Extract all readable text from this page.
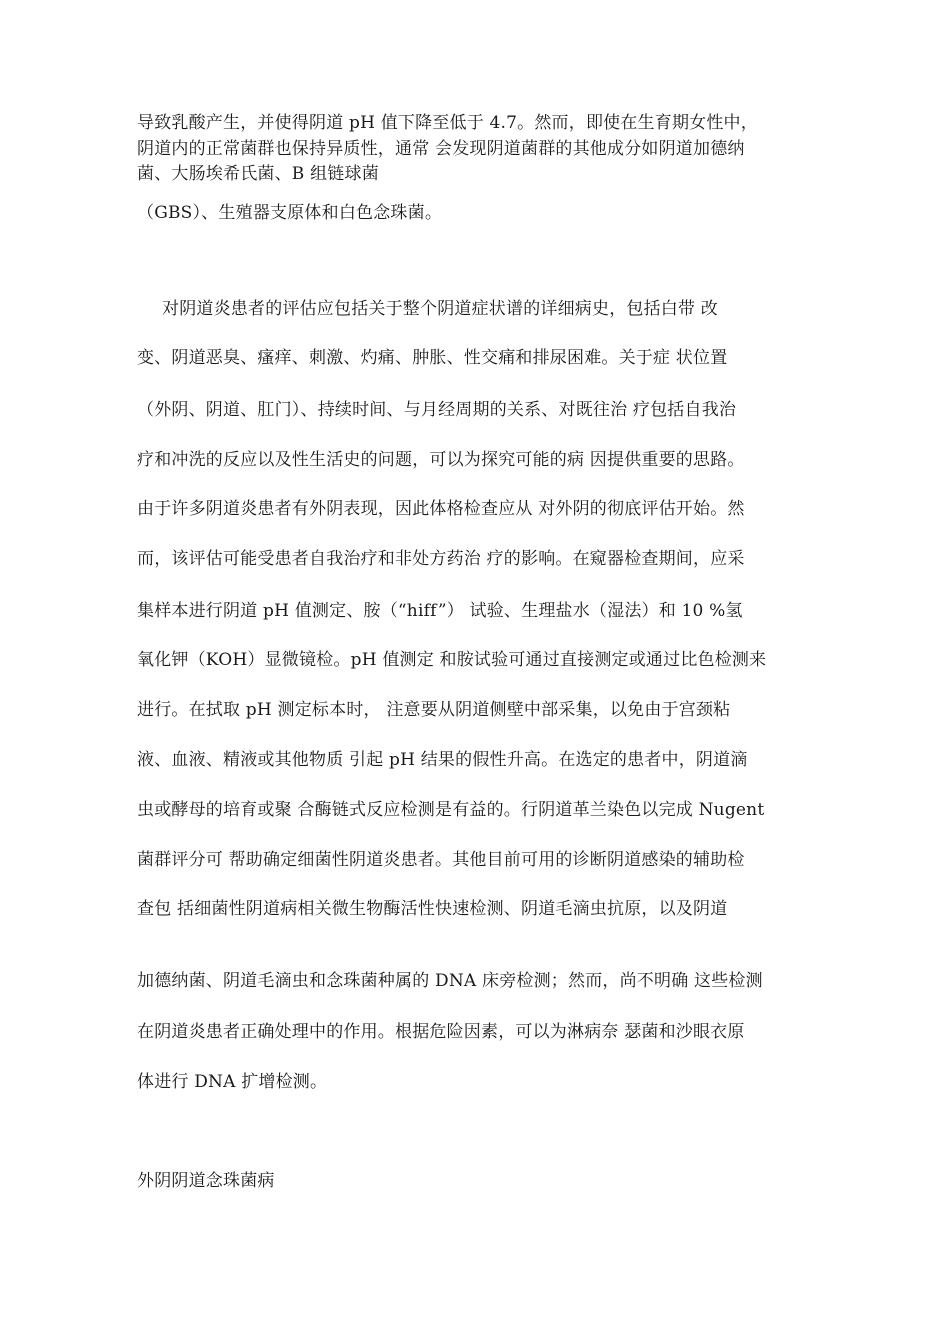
导致乳酸产生，并使得阴道 pH 值下降至低于 4.7。然而，即使在生育期女性中，
阴道内的正常菌群也保持异质性，通常 会发现阴道菌群的其他成分如阴道加德纳
菌、大肠埃希氏菌、B 组链球菌
（GBS）、生殖器支原体和白色念珠菌。
对阴道炎患者的评估应包括关于整个阴道症状谱的详细病史，包括白带 改
变、阴道恶臭、瘙痒、刺激、灼痛、肿胀、性交痛和排尿困难。关于症 状位置
（外阴、阴道、肛门）、持续时间、与月经周期的关系、对既往治 疗包括自我治
疗和冲洗的反应以及性生活史的问题，可以为探究可能的病 因提供重要的思路。
由于许多阴道炎患者有外阴表现，因此体格检查应从 对外阴的彻底评估开始。然
而，该评估可能受患者自我治疗和非处方药治 疗的影响。在窥器检查期间，应采
集样本进行阴道 pH 值测定、胺（“hiff”） 试验、生理盐水（湿法）和 10 %氢
氧化钾（KOH）显微镜检。pH 值测定 和胺试验可通过直接测定或通过比色检测来
进行。在拭取 pH 测定标本时， 注意要从阴道侧壁中部采集，以免由于宫颈粘
液、血液、精液或其他物质 引起 pH 结果的假性升高。在选定的患者中，阴道滴
虫或酵母的培育或聚 合酶链式反应检测是有益的。行阴道革兰染色以完成 Nugent
菌群评分可 帮助确定细菌性阴道炎患者。其他目前可用的诊断阴道感染的辅助检
查包 括细菌性阴道病相关微生物酶活性快速检测、阴道毛滴虫抗原，以及阴道
加德纳菌、阴道毛滴虫和念珠菌种属的 DNA 床旁检测；然而，尚不明确 这些检测
在阴道炎患者正确处理中的作用。根据危险因素，可以为淋病奈 瑟菌和沙眼衣原
体进行 DNA 扩增检测。
外阴阴道念珠菌病
